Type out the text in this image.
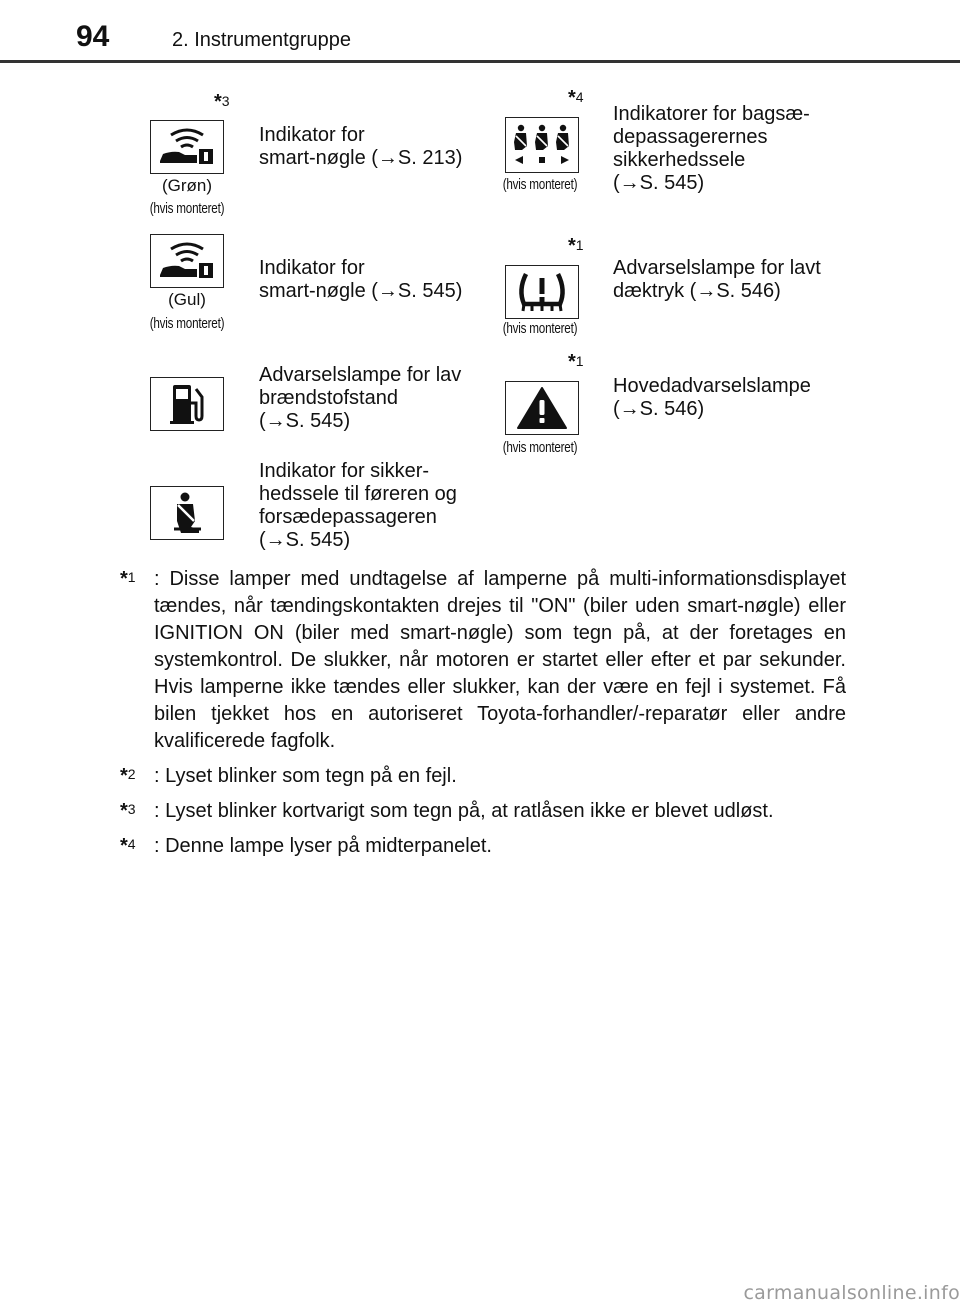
94	2. Instrumentgruppe
*$^3$
(Grøn)
(hvis monteret)
Indikator for
smart-nøgle (→S. 213)
*$^4$
(hvis monteret)
Indikatorer for bagsæ-
depassagerernes
sikkerhedssele
(→S. 545)
(Gul)
(hvis monteret)
Indikator for
smart-nøgle (→S. 545)
*$^1$
(hvis monteret)
Advarselslampe for lavt
dæktryk (→S. 546)
Advarselslampe for lav
brændstofstand
(→S. 545)
*$^1$
(hvis monteret)
Hovedadvarselslampe
(→S. 546)
Indikator for sikker-
hedssele til føreren og
forsædepassageren
(→S. 545)
*$^1$ : Disse lamper med undtagelse af lamperne på multi-informationsdisplayet tændes, når tændingskontakten drejes til "ON" (biler uden smart-nøgle) eller IGNITION ON (biler med smart-nøgle) som tegn på, at der foretages en systemkontrol. De slukker, når motoren er startet eller efter et par sekunder. Hvis lamperne ikke tændes eller slukker, kan der være en fejl i systemet. Få bilen tjekket hos en autoriseret Toyota-forhandler/-reparatør eller andre kvalificerede fagfolk.
*$^2$ : Lyset blinker som tegn på en fejl.
*$^3$ : Lyset blinker kortvarigt som tegn på, at ratlåsen ikke er blevet udløst.
*$^4$ : Denne lampe lyser på midterpanelet.
carmanualsonline.info
